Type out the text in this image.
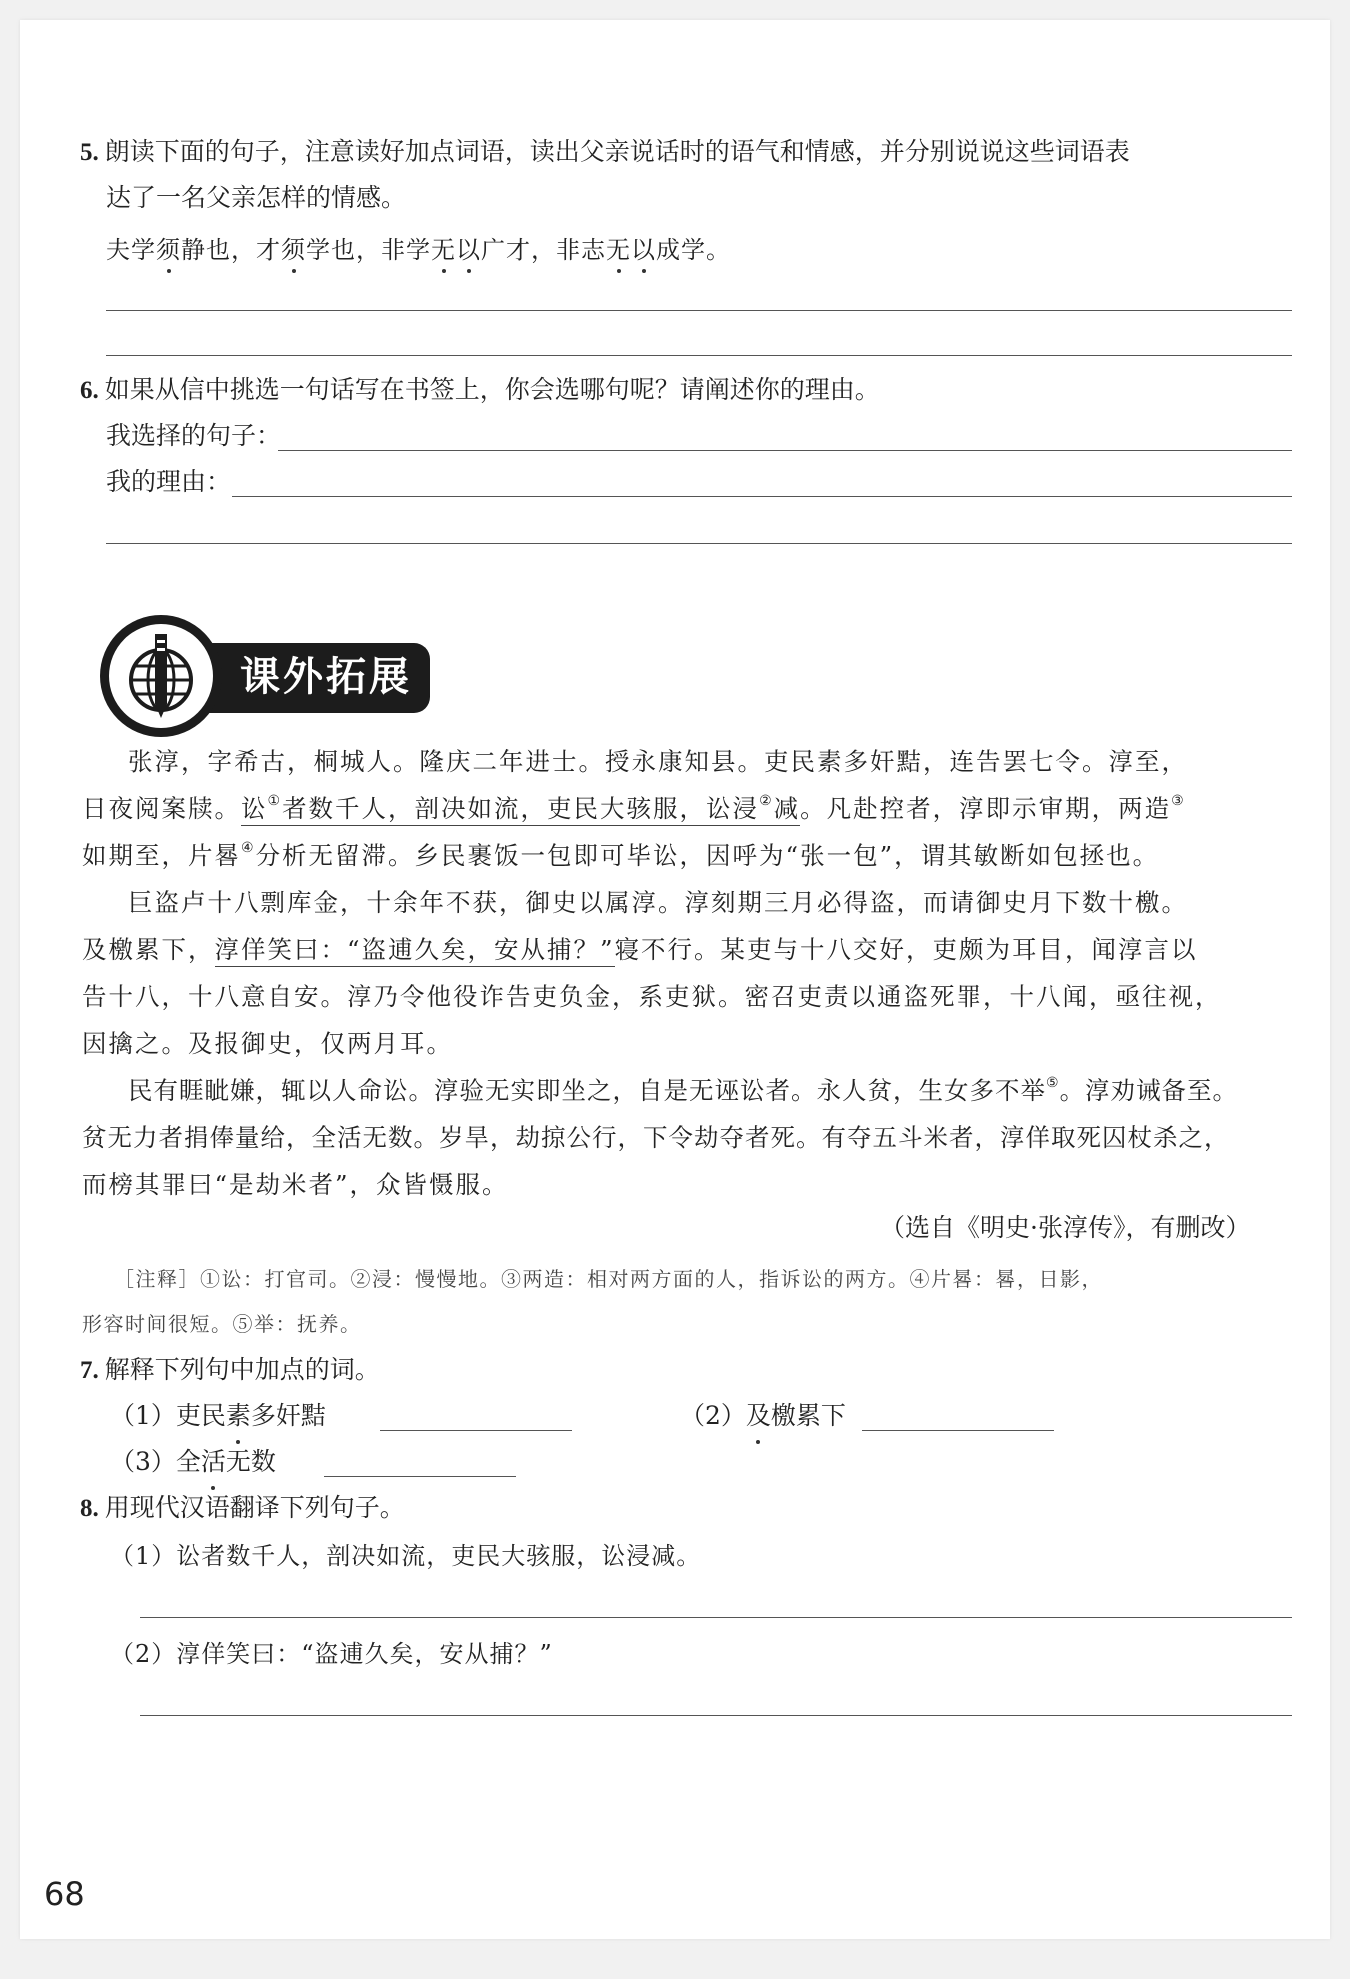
5. 朗读下面的句子，注意读好加点词语，读出父亲说话时的语气和情感，并分别说说这些词语表
达了一名父亲怎样的情感。
夫学须静也，才须学也，非学无以广才，非志无以成学。
6. 如果从信中挑选一句话写在书签上，你会选哪句呢？请阐述你的理由。
我选择的句子：
我的理由：
课外拓展
张淳，字希古，桐城人。隆庆二年进士。授永康知县。吏民素多奸黠，连告罢七令。淳至，
日夜阅案牍。讼①者数千人，剖决如流，吏民大骇服，讼浸②减。凡赴控者，淳即示审期，两造③
如期至，片晷④分析无留滞。乡民裹饭一包即可毕讼，因呼为“张一包”，谓其敏断如包拯也。
巨盗卢十八剽库金，十余年不获，御史以属淳。淳刻期三月必得盗，而请御史月下数十檄。
及檄累下，淳佯笑曰：“盗逋久矣，安从捕？”寝不行。某吏与十八交好，吏颇为耳目，闻淳言以
告十八，十八意自安。淳乃令他役诈告吏负金，系吏狱。密召吏责以通盗死罪，十八闻，亟往视，
因擒之。及报御史，仅两月耳。
民有睚眦嫌，辄以人命讼。淳验无实即坐之，自是无诬讼者。永人贫，生女多不举⑤。淳劝诫备至。
贫无力者捐俸量给，全活无数。岁旱，劫掠公行，下令劫夺者死。有夺五斗米者，淳佯取死囚杖杀之，
而榜其罪曰“是劫米者”，众皆慑服。
（选自《明史·张淳传》，有删改）
［注释］①讼：打官司。②浸：慢慢地。③两造：相对两方面的人，指诉讼的两方。④片晷：晷，日影，
形容时间很短。⑤举：抚养。
7. 解释下列句中加点的词。
（1）吏民素多奸黠	（2）及檄累下
（3）全活无数
8. 用现代汉语翻译下列句子。
（1）讼者数千人，剖决如流，吏民大骇服，讼浸减。
（2）淳佯笑曰：“盗逋久矣，安从捕？”
68
